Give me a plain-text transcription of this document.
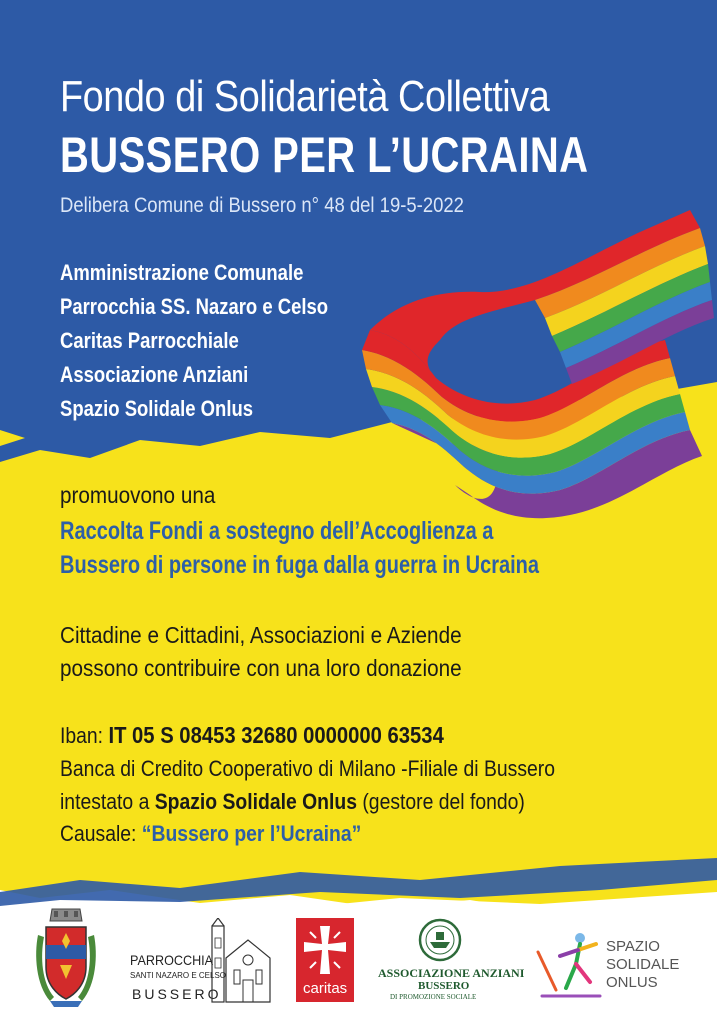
Fondo di Solidarietà Collettiva
BUSSERO PER L’UCRAINA

Delibera Comune di Bussero n° 48 del 19-5-2022

Amministrazione Comunale
Parrocchia SS. Nazaro e Celso
Caritas Parrocchiale
Associazione Anziani
Spazio Solidale Onlus

promuovono una

Raccolta Fondi a sostegno dell’Accoglienza a

Bussero di persone in fuga dalla guerra in Ucraina

Cittadine e Cittadini, Associazioni e Aziende

possono contribuire con una loro donazione

Iban: IT 05 S 08453 32680 0000000 63534

Banca di Credito Cooperativo di Milano -Filiale di Bussero

intestato a Spazio Solidale Onlus (gestore del fondo)

Causale: “Bussero per l’Ucraina”

PARROCCHIA
SANTI NAZARO E CELSO
BUSSERO	caritas
ASSOCIAZIONE ANZIANI
BUSSERO
DI PROMOZIONE SOCIALE
SPAZIO
SOLIDALE
ONLUS
